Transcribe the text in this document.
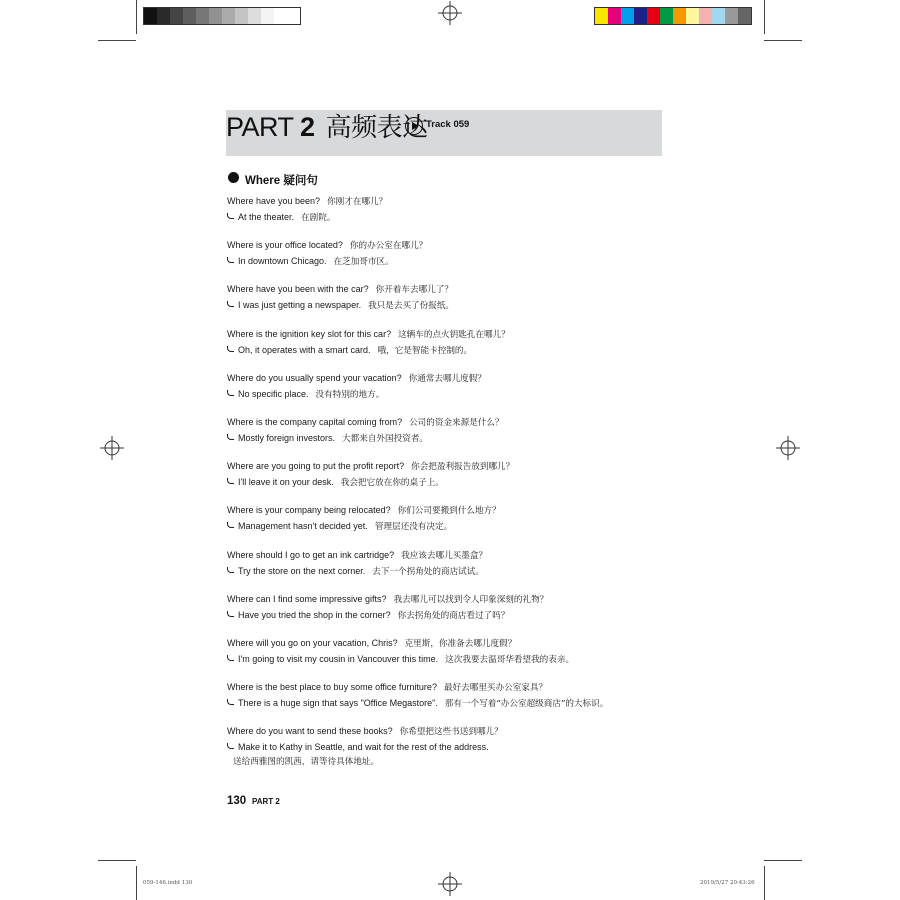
PART 2 高频表达
Track 059
Where 疑问句
Where have you been? 你刚才在哪儿？
At the theater. 在剧院。
Where is your office located? 你的办公室在哪儿？
In downtown Chicago. 在芝加哥市区。
Where have you been with the car? 你开着车去哪儿了？
I was just getting a newspaper. 我只是去买了份报纸。
Where is the ignition key slot for this car? 这辆车的点火钥匙孔在哪儿？
Oh, it operates with a smart card. 哦，它是智能卡控制的。
Where do you usually spend your vacation? 你通常去哪儿度假？
No specific place. 没有特别的地方。
Where is the company capital coming from? 公司的资金来源是什么？
Mostly foreign investors. 大都来自外国投资者。
Where are you going to put the profit report? 你会把盈利报告放到哪儿？
I'll leave it on your desk. 我会把它放在你的桌子上。
Where is your company being relocated? 你们公司要搬到什么地方？
Management hasn't decided yet. 管理层还没有决定。
Where should I go to get an ink cartridge? 我应该去哪儿买墨盒？
Try the store on the next corner. 去下一个拐角处的商店试试。
Where can I find some impressive gifts? 我去哪儿可以找到令人印象深刻的礼物？
Have you tried the shop in the corner? 你去拐角处的商店看过了吗？
Where will you go on your vacation, Chris? 克里斯，你准备去哪儿度假？
I'm going to visit my cousin in Vancouver this time. 这次我要去温哥华看望我的表亲。
Where is the best place to buy some office furniture? 最好去哪里买办公室家具？
There is a huge sign that says "Office Megastore". 那有一个写着“办公室超级商店”的大标识。
Where do you want to send these books? 你希望把这些书送到哪儿？
Make it to Kathy in Seattle, and wait for the rest of the address.
送给西雅图的凯茜，请等待具体地址。
130 PART 2
059-146.indd 130	2019/5/27 20:43:26
